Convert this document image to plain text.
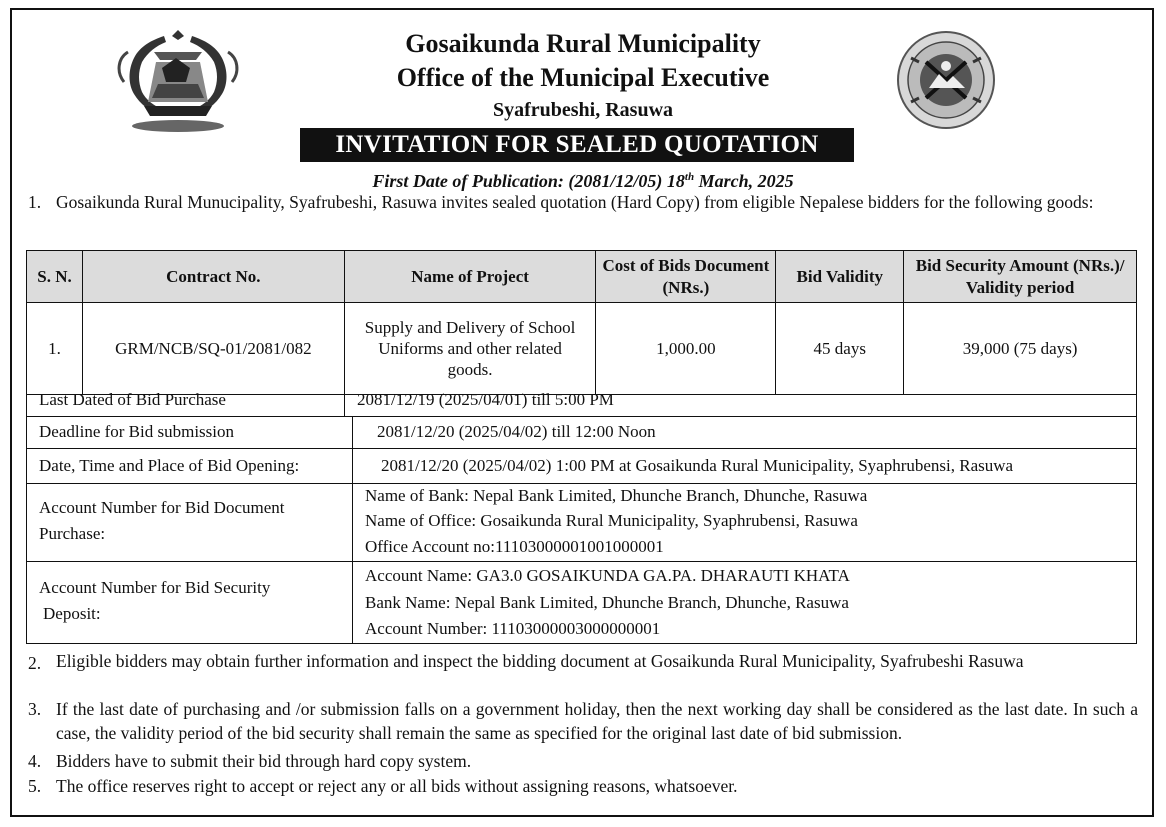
Gosaikunda Rural Municipality
Office of the Municipal Executive
Syafrubeshi, Rasuwa
INVITATION FOR SEALED QUOTATION
First Date of Publication: (2081/12/05) 18th March, 2025
1. Gosaikunda Rural Munucipality, Syafrubeshi, Rasuwa invites sealed quotation (Hard Copy) from eligible Nepalese bidders for the following goods:
S. N.	Contract No.	Name of Project	Cost of Bids Document (NRs.)	Bid Validity	Bid Security Amount (NRs.)/ Validity period
1.	GRM/NCB/SQ-01/2081/082	Supply and Delivery of School Uniforms and other related goods.	1,000.00	45 days	39,000 (75 days)
Last Dated of Bid Purchase	2081/12/19 (2025/04/01) till 5:00 PM
Deadline for Bid submission	2081/12/20 (2025/04/02) till 12:00 Noon
Date, Time and Place of Bid Opening:	2081/12/20 (2025/04/02) 1:00 PM at Gosaikunda Rural Municipality, Syaphrubensi, Rasuwa
Account Number for Bid Document
Purchase:
Name of Bank: Nepal Bank Limited, Dhunche Branch, Dhunche, Rasuwa
Name of Office: Gosaikunda Rural Municipality, Syaphrubensi, Rasuwa
Office Account no:11103000001001000001
Account Number for Bid Security
Deposit:
Account Name: GA3.0 GOSAIKUNDA GA.PA. DHARAUTI KHATA
Bank Name: Nepal Bank Limited, Dhunche Branch, Dhunche, Rasuwa
Account Number: 11103000003000000001
2. Eligible bidders may obtain further information and inspect the bidding document at Gosaikunda Rural Municipality, Syafrubeshi Rasuwa
3. If the last date of purchasing and /or submission falls on a government holiday, then the next working day shall be considered as the last date. In such a case, the validity period of the bid security shall remain the same as specified for the original last date of bid submission.
4. Bidders have to submit their bid through hard copy system.
5. The office reserves right to accept or reject any or all bids without assigning reasons, whatsoever.
